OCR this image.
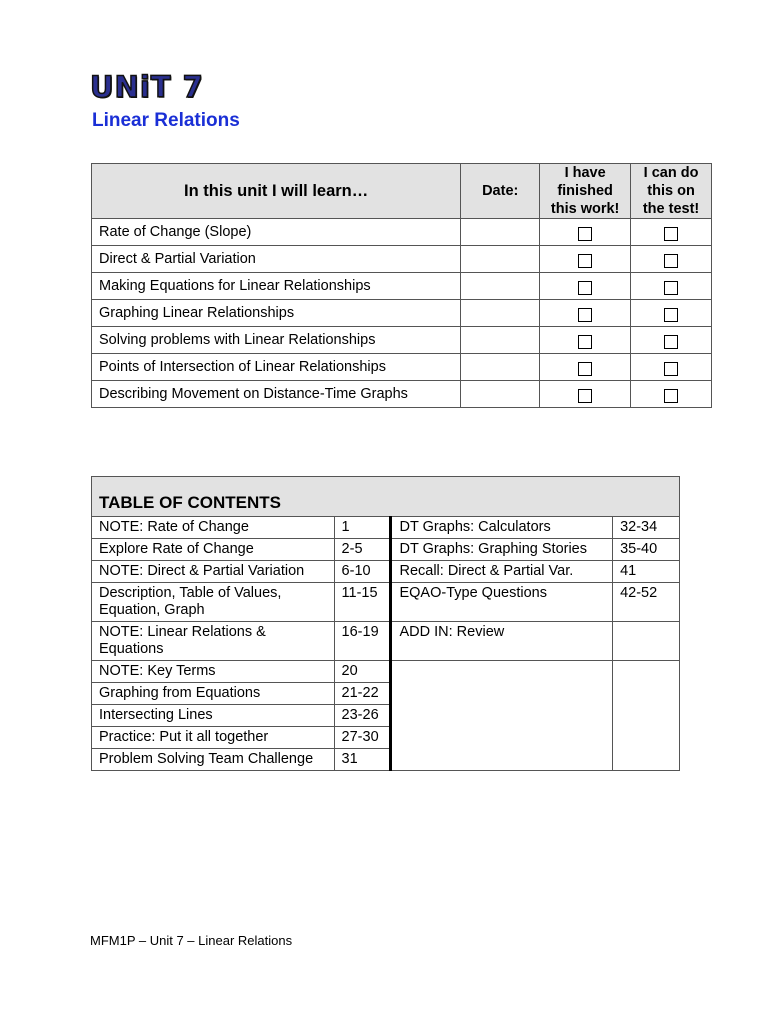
UNiT 7
Linear Relations
In this unit I will learn…	Date:	I have
finished
this work!	I can do
this on
the test!
Rate of Change (Slope)			
Direct & Partial Variation			
Making Equations for Linear Relationships			
Graphing Linear Relationships			
Solving problems with Linear Relationships			
Points of Intersection of Linear Relationships			
Describing Movement on Distance-Time Graphs			
TABLE OF CONTENTS			
NOTE: Rate of Change	1	DT Graphs: Calculators	32-34
Explore Rate of Change	2-5	DT Graphs: Graphing Stories	35-40
NOTE: Direct & Partial Variation	6-10	Recall: Direct & Partial Var.	41
Description, Table of Values,
Equation, Graph	11-15	EQAO-Type Questions	42-52
NOTE: Linear Relations &
Equations	16-19	ADD IN: Review	
NOTE: Key Terms	20		
Graphing from Equations	21-22		
Intersecting Lines	23-26		
Practice: Put it all together	27-30		
Problem Solving Team Challenge	31		
MFM1P – Unit 7 – Linear Relations
